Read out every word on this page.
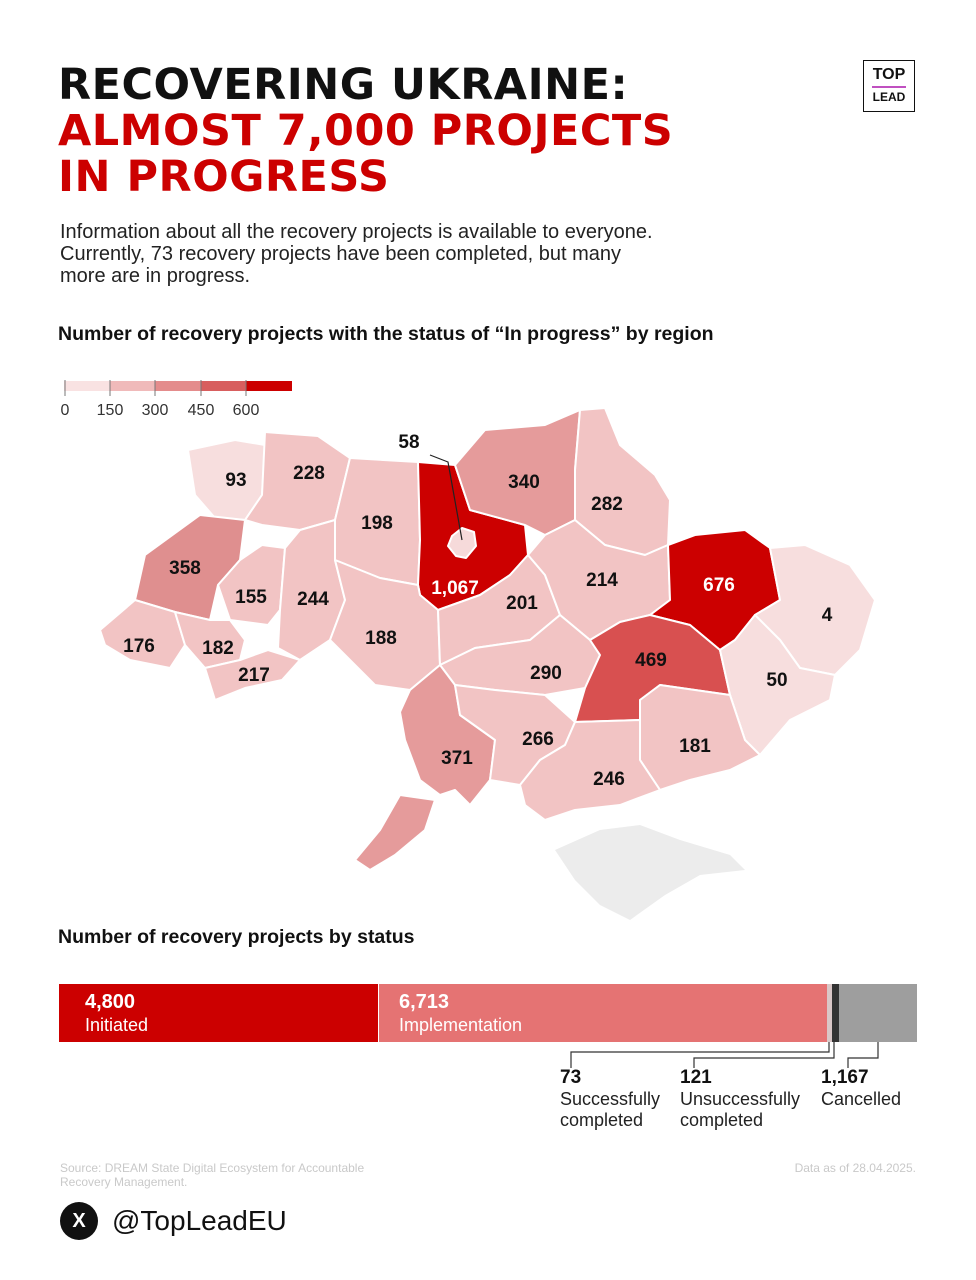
RECOVERING UKRAINE:
ALMOST 7,000 PROJECTS
IN PROGRESS
TOP
LEAD
Information about all the recovery projects is available to everyone.
Currently, 73 recovery projects have been completed, but many
more are in progress.
Number of recovery projects with the status of “In progress” by region
0 150 300 450 600
93 228
198
1,067
58
340
282
358
155 244
176 182
217
188
201
214	676
4
290
469
50
371
266	181
246
Number of recovery projects by status
4,800
Initiated
6,713
Implementation
73
Successfully
completed
121
Unsuccessfully
completed
1,167
Cancelled
Source: DREAM State Digital Ecosystem for Accountable
Recovery Management.
Data as of 28.04.2025.
X @TopLeadEU
